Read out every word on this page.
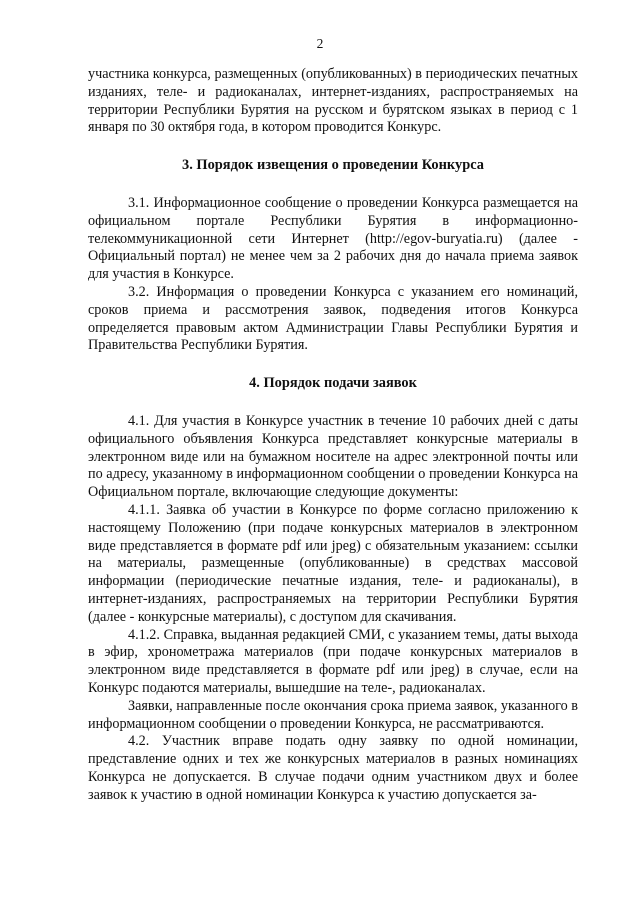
2

участника конкурса, размещенных (опубликованных) в периодических печатных изданиях, теле- и радиоканалах, интернет-изданиях, распространяемых на территории Республики Бурятия на русском и бурятском языках в период с 1 января по 30 октября года, в котором проводится Конкурс.

3. Порядок извещения о проведении Конкурса

3.1. Информационное сообщение о проведении Конкурса размещается на официальном портале Республики Бурятия в информационно-телекоммуникационной сети Интернет (http://egov-buryatia.ru) (далее - Официальный портал) не менее чем за 2 рабочих дня до начала приема заявок для участия в Конкурсе.

3.2. Информация о проведении Конкурса с указанием его номинаций, сроков приема и рассмотрения заявок, подведения итогов Конкурса определяется правовым актом Администрации Главы Республики Бурятия и Правительства Республики Бурятия.

4. Порядок подачи заявок

4.1. Для участия в Конкурсе участник в течение 10 рабочих дней с даты официального объявления Конкурса представляет конкурсные материалы в электронном виде или на бумажном носителе на адрес электронной почты или по адресу, указанному в информационном сообщении о проведении Конкурса на Официальном портале, включающие следующие документы:

4.1.1. Заявка об участии в Конкурсе по форме согласно приложению к настоящему Положению (при подаче конкурсных материалов в электронном виде представляется в формате pdf или jpeg) с обязательным указанием: ссылки на материалы, размещенные (опубликованные) в средствах массовой информации (периодические печатные издания, теле- и радиоканалы), в интернет-изданиях, распространяемых на территории Республики Бурятия (далее - конкурсные материалы), с доступом для скачивания.

4.1.2. Справка, выданная редакцией СМИ, с указанием темы, даты выхода в эфир, хронометража материалов (при подаче конкурсных материалов в электронном виде представляется в формате pdf или jpeg) в случае, если на Конкурс подаются материалы, вышедшие на теле-, радиоканалах.

Заявки, направленные после окончания срока приема заявок, указанного в информационном сообщении о проведении Конкурса, не рассматриваются.

4.2. Участник вправе подать одну заявку по одной номинации, представление одних и тех же конкурсных материалов в разных номинациях Конкурса не допускается. В случае подачи одним участником двух и более заявок к участию в одной номинации Конкурса к участию допускается за-
